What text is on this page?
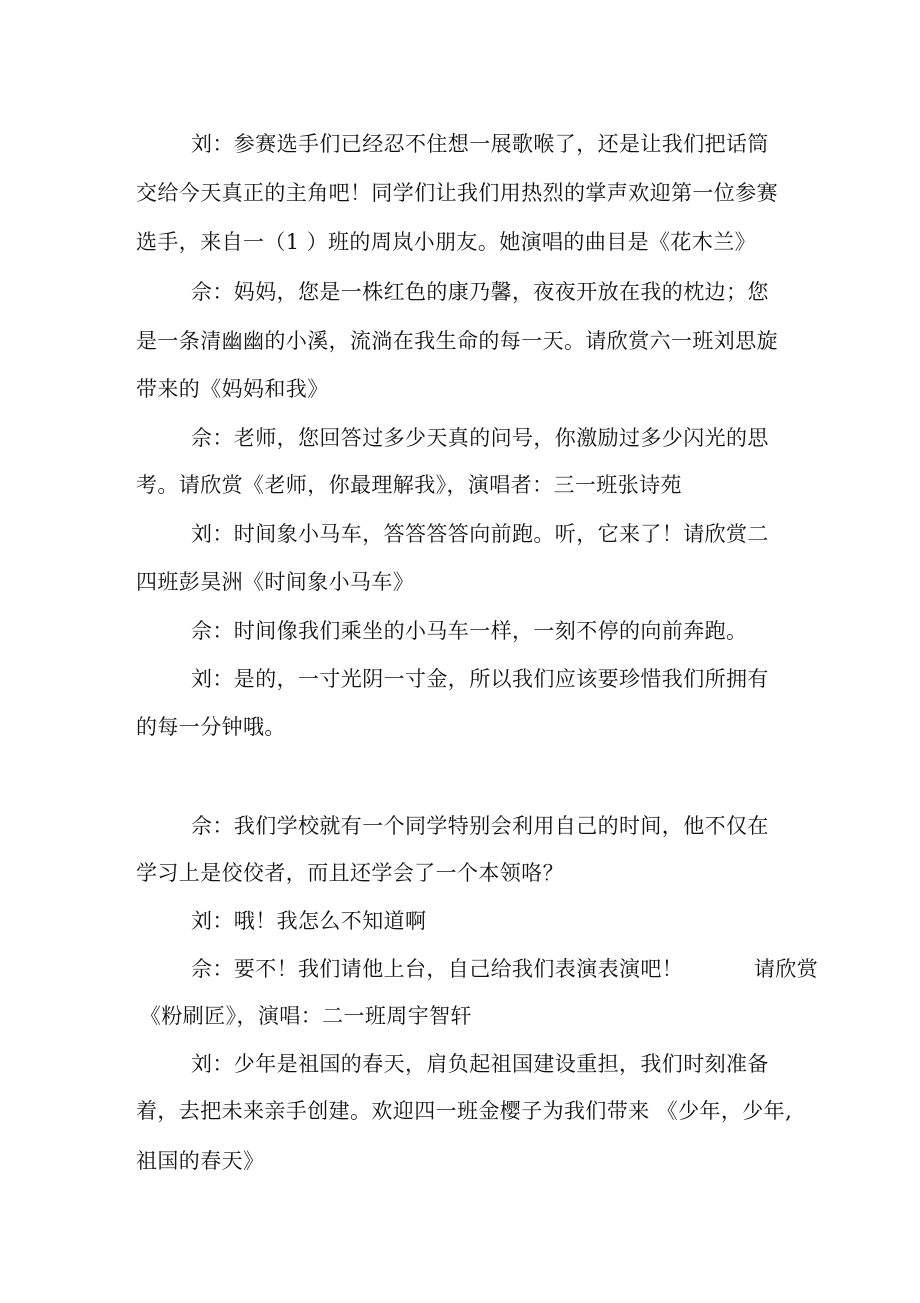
刘：参赛选手们已经忍不住想一展歌喉了，还是让我们把话筒
交给今天真正的主角吧！同学们让我们用热烈的掌声欢迎第一位参赛
选手，来自一（1 ）班的周岚小朋友。她演唱的曲目是《花木兰》
佘：妈妈，您是一株红色的康乃馨，夜夜开放在我的枕边；您
是一条清幽幽的小溪，流淌在我生命的每一天。请欣赏六一班刘思旋
带来的《妈妈和我》
佘：老师，您回答过多少天真的问号，你激励过多少闪光的思
考。请欣赏《老师，你最理解我》，演唱者：三一班张诗苑
刘：时间象小马车，答答答答向前跑。听，它来了！请欣赏二
四班彭昊洲《时间象小马车》
佘：时间像我们乘坐的小马车一样，一刻不停的向前奔跑。
刘：是的，一寸光阴一寸金，所以我们应该要珍惜我们所拥有
的每一分钟哦。
佘：我们学校就有一个同学特别会利用自己的时间，他不仅在
学习上是佼佼者，而且还学会了一个本领咯？
刘：哦！我怎么不知道啊
佘：要不！我们请他上台，自己给我们表演表演吧！          请欣赏
《粉刷匠》，演唱：二一班周宇智轩
刘：少年是祖国的春天，肩负起祖国建设重担，我们时刻准备
着，去把未来亲手创建。欢迎四一班金樱子为我们带来 《少年，少年,
祖国的春天》
